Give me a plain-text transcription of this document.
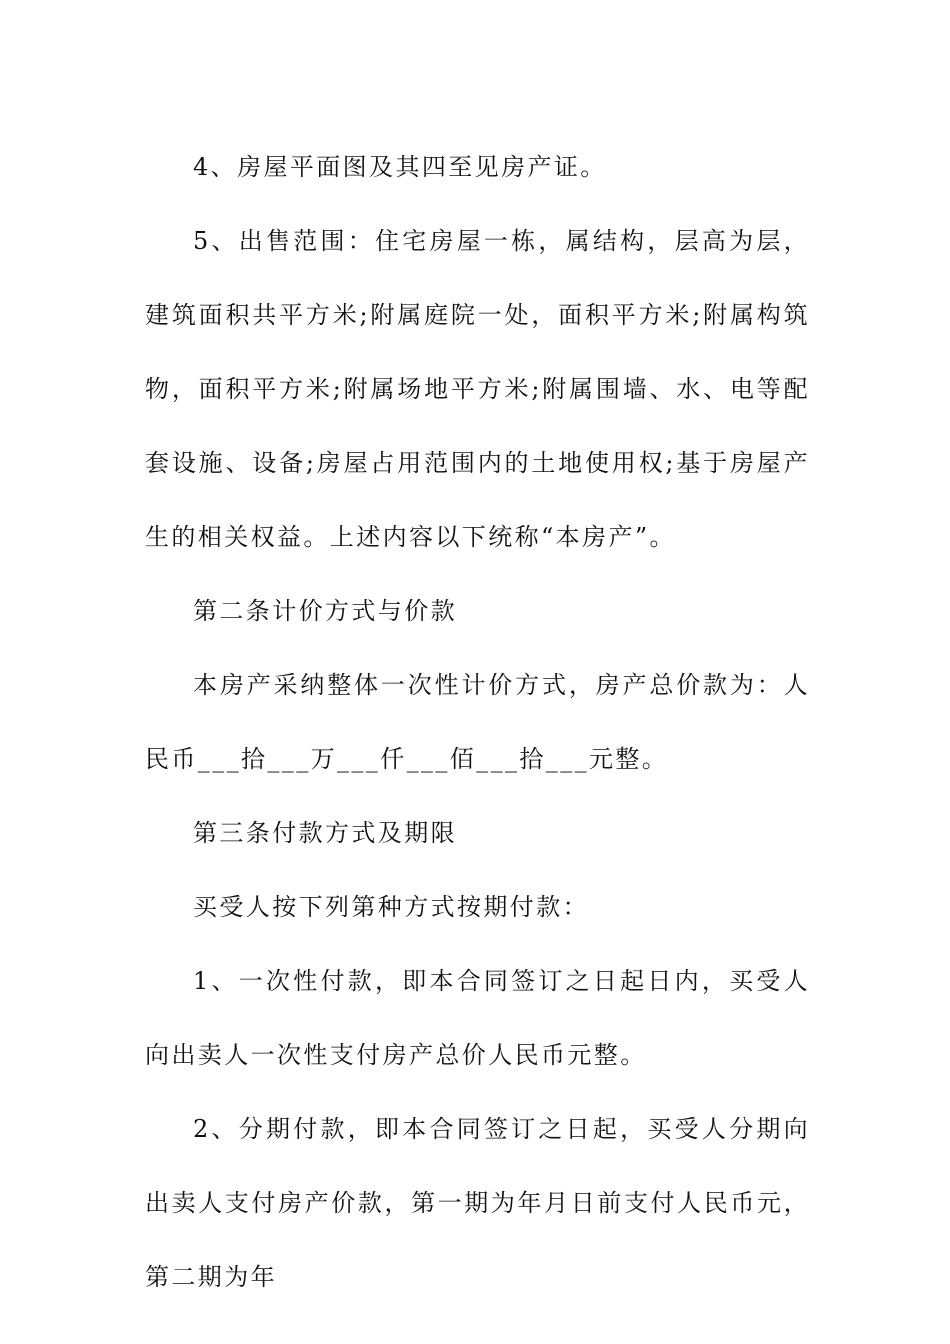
4、房屋平面图及其四至见房产证。

5、出售范围：住宅房屋一栋，属结构，层高为层，建筑面积共平方米;附属庭院一处，面积平方米;附属构筑物，面积平方米;附属场地平方米;附属围墙、水、电等配套设施、设备;房屋占用范围内的土地使用权;基于房屋产生的相关权益。上述内容以下统称“本房产”。

第二条计价方式与价款

本房产采纳整体一次性计价方式，房产总价款为：人民币___拾___万___仟___佰___拾___元整。

第三条付款方式及期限

买受人按下列第种方式按期付款：

1、一次性付款，即本合同签订之日起日内，买受人向出卖人一次性支付房产总价人民币元整。

2、分期付款，即本合同签订之日起，买受人分期向出卖人支付房产价款，第一期为年月日前支付人民币元，第二期为年
